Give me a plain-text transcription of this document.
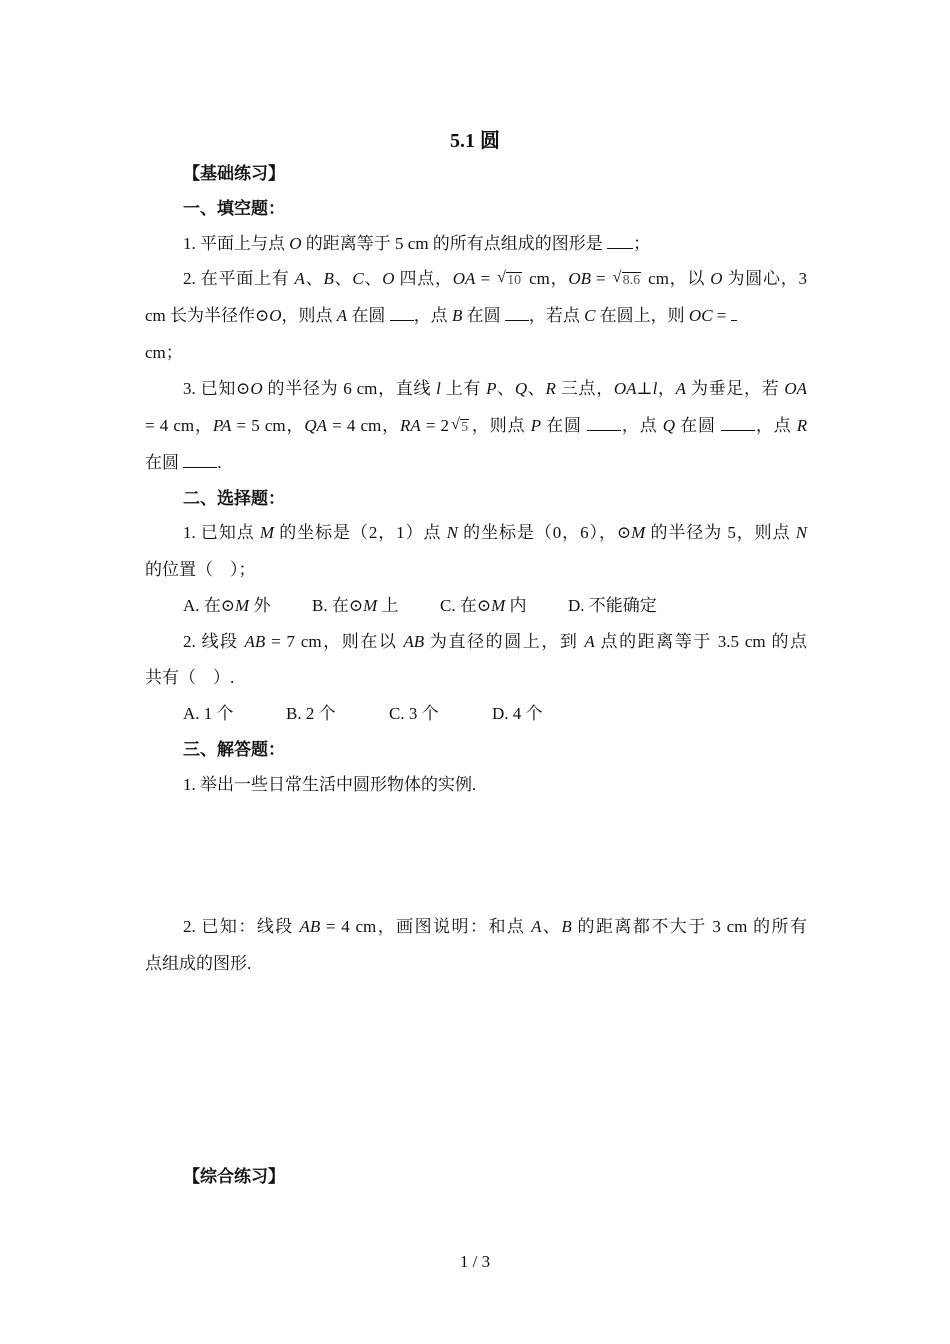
5.1 圆
【基础练习】
一、填空题：
1. 平面上与点 O 的距离等于 5 cm 的所有点组成的图形是 ；
2. 在平面上有 A、B、C、O 四点，OA = √ 10 cm，OB = √ 8.6 cm，以 O 为圆心，3
cm 长为半径作⊙O，则点 A 在圆 ，点 B 在圆 ，若点 C 在圆上，则 OC =
cm；
3. 已知⊙O 的半径为 6 cm，直线 l 上有 P、Q、R 三点，OA⊥l，A 为垂足，若 OA
= 4 cm，PA = 5 cm，QA = 4 cm，RA = 2√ 5 ，则点 P 在圆 ，点 Q 在圆 ，点 R
在圆 .
二、选择题：
1. 已知点 M 的坐标是（2，1）点 N 的坐标是（0，6），⊙M 的半径为 5，则点 N
的位置（　）；
A. 在⊙M 外 B. 在⊙M 上 C. 在⊙M 内 D. 不能确定
2. 线段 AB = 7 cm，则在以 AB 为直径的圆上，到 A 点的距离等于 3.5 cm 的点
共有（　）.
A. 1 个	B. 2 个	C. 3 个	D. 4 个
三、解答题：
1. 举出一些日常生活中圆形物体的实例.
2. 已知：线段 AB = 4 cm，画图说明：和点 A、B 的距离都不大于 3 cm 的所有
点组成的图形.
【综合练习】
1 / 3
